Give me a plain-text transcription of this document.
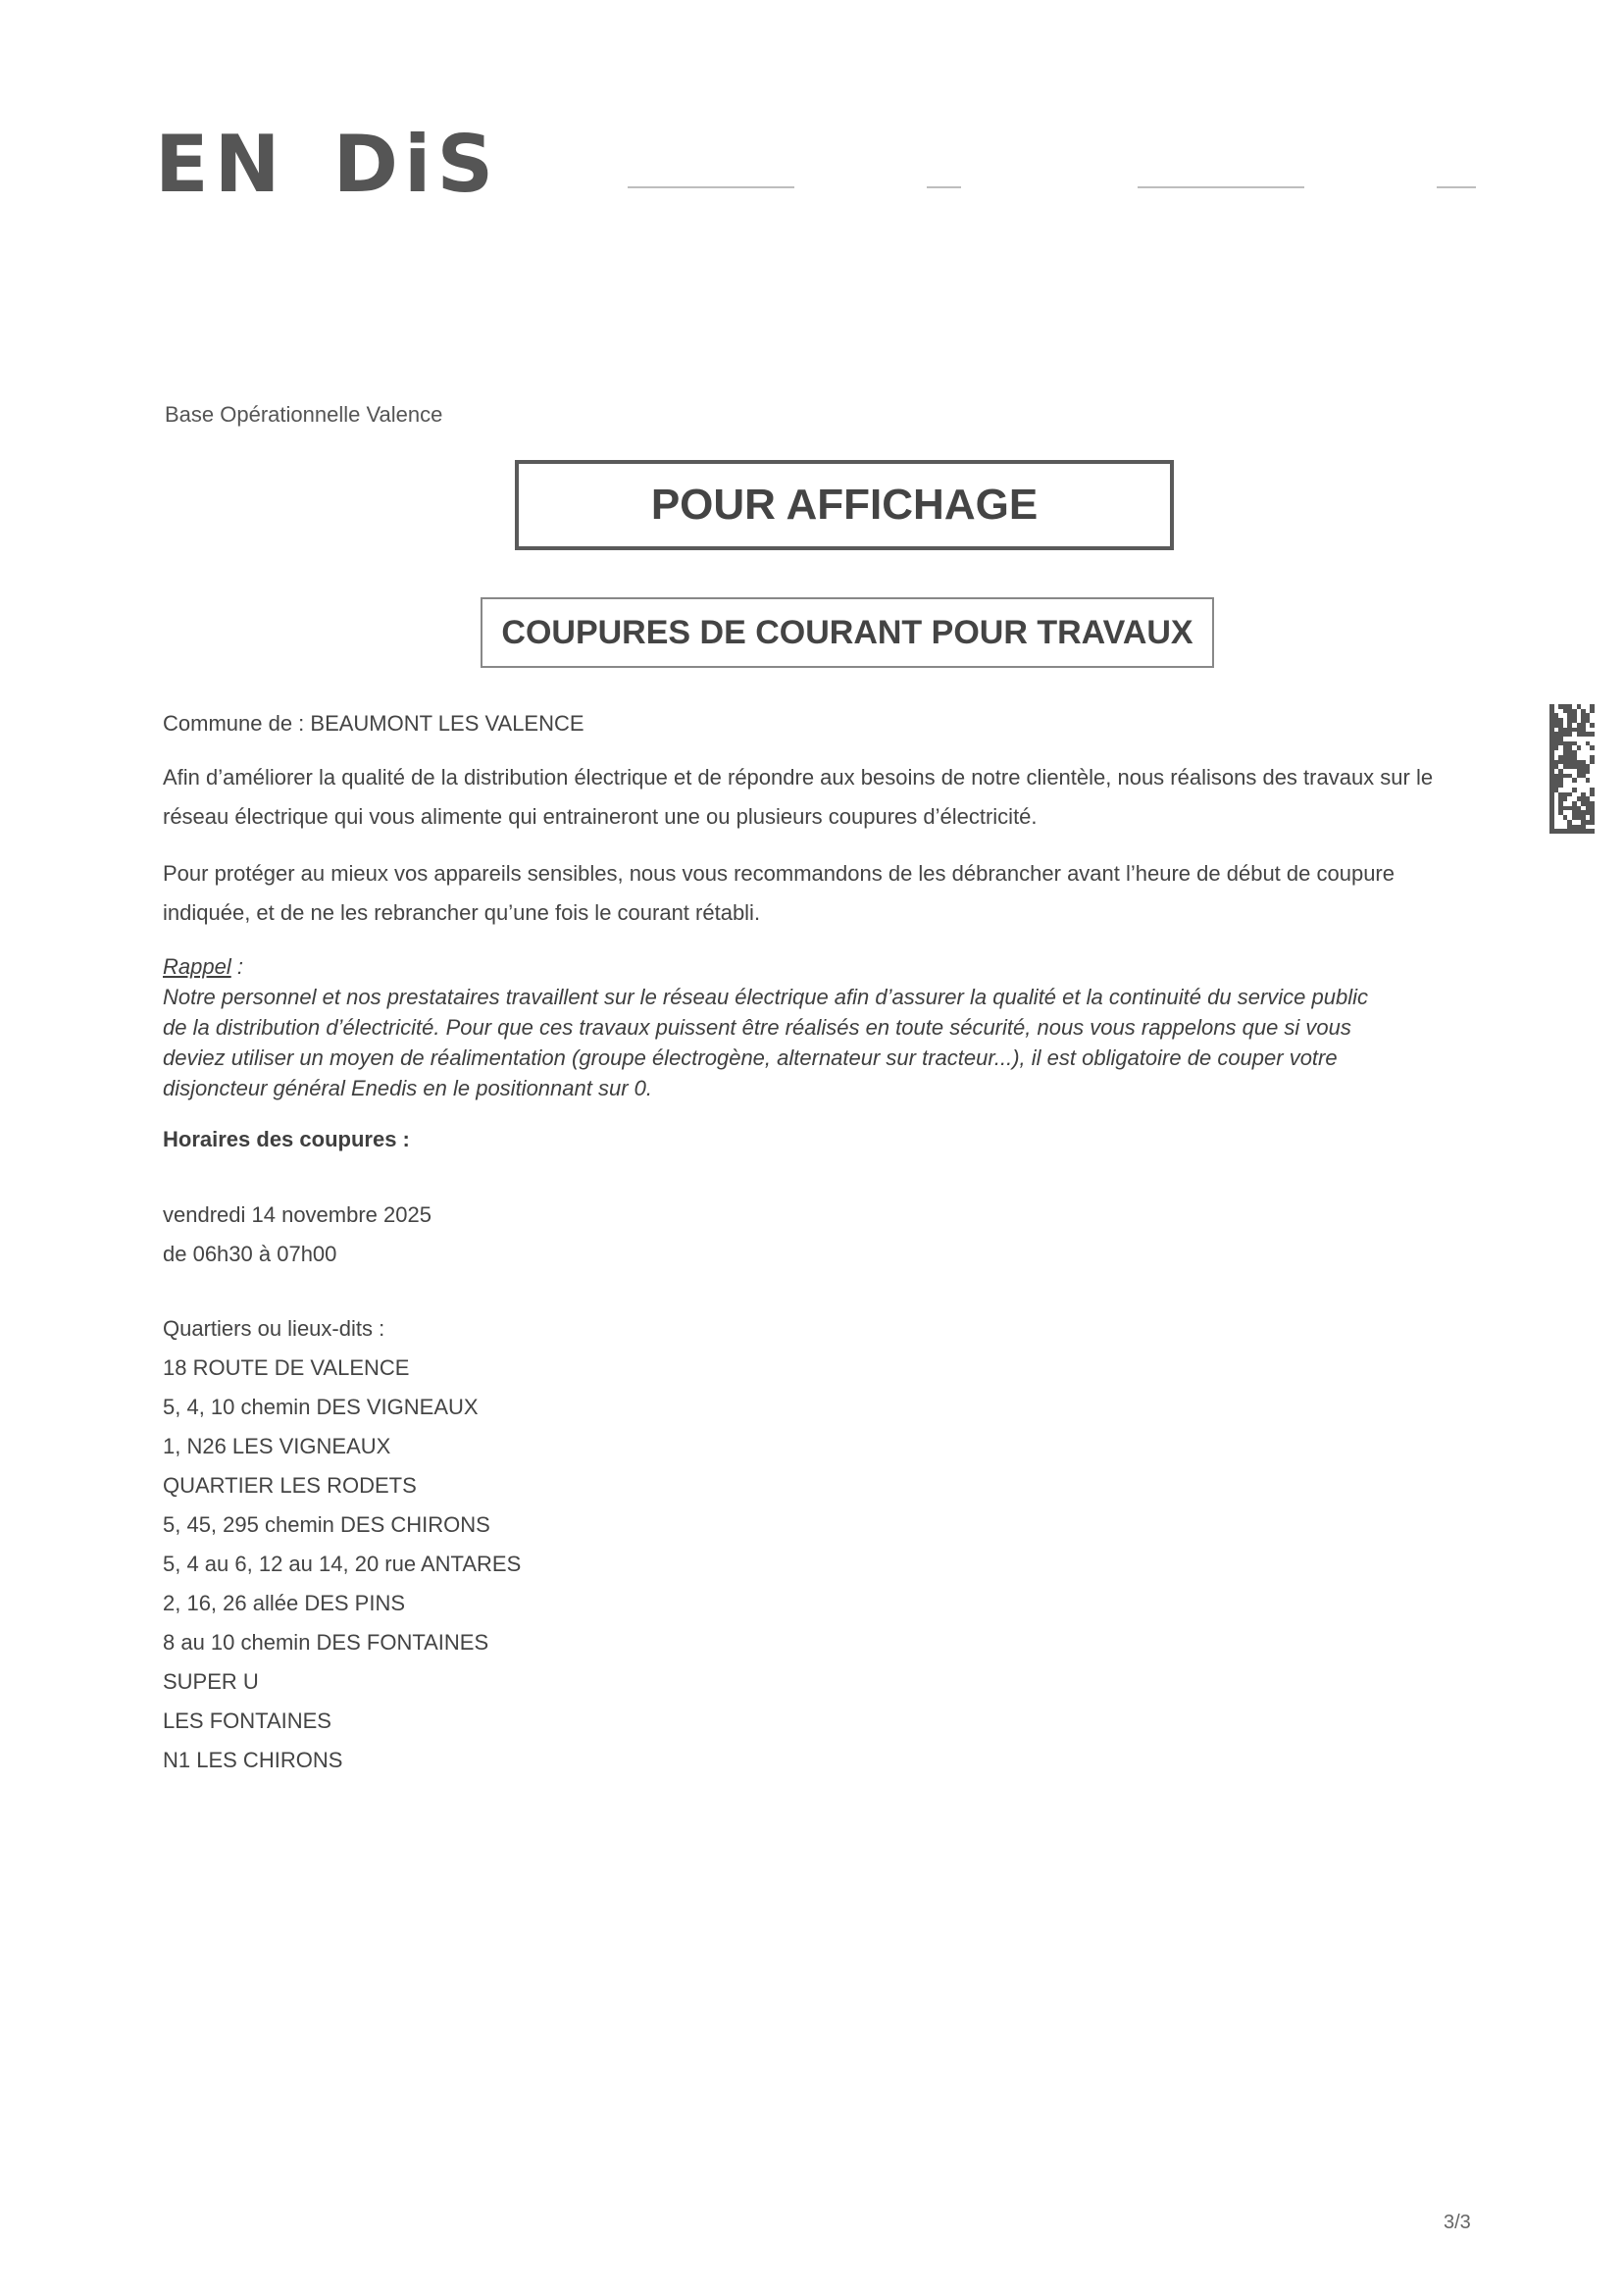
EN DiS
Base Opérationnelle Valence
POUR AFFICHAGE
COUPURES DE COURANT POUR TRAVAUX
Commune de : BEAUMONT LES VALENCE
Afin d’améliorer la qualité de la distribution électrique et de répondre aux besoins de notre clientèle, nous réalisons des travaux sur le réseau électrique qui vous alimente qui entraineront une ou plusieurs coupures d’électricité.
Pour protéger au mieux vos appareils sensibles, nous vous recommandons de les débrancher avant l’heure de début de coupure indiquée, et de ne les rebrancher qu’une fois le courant rétabli.
Rappel :
Notre personnel et nos prestataires travaillent sur le réseau électrique afin d’assurer la qualité et la continuité du service public
de la distribution d’électricité. Pour que ces travaux puissent être réalisés en toute sécurité, nous vous rappelons que si vous
deviez utiliser un moyen de réalimentation (groupe électrogène, alternateur sur tracteur...), il est obligatoire de couper votre
disjoncteur général Enedis en le positionnant sur 0.
Horaires des coupures :
vendredi 14 novembre 2025
de 06h30 à 07h00
Quartiers ou lieux-dits :
18 ROUTE DE VALENCE
5, 4, 10 chemin DES VIGNEAUX
1, N26 LES VIGNEAUX
QUARTIER LES RODETS
5, 45, 295 chemin DES CHIRONS
5, 4 au 6, 12 au 14, 20 rue ANTARES
2, 16, 26 allée DES PINS
8 au 10 chemin DES FONTAINES
SUPER U
LES FONTAINES
N1 LES CHIRONS
3/3
